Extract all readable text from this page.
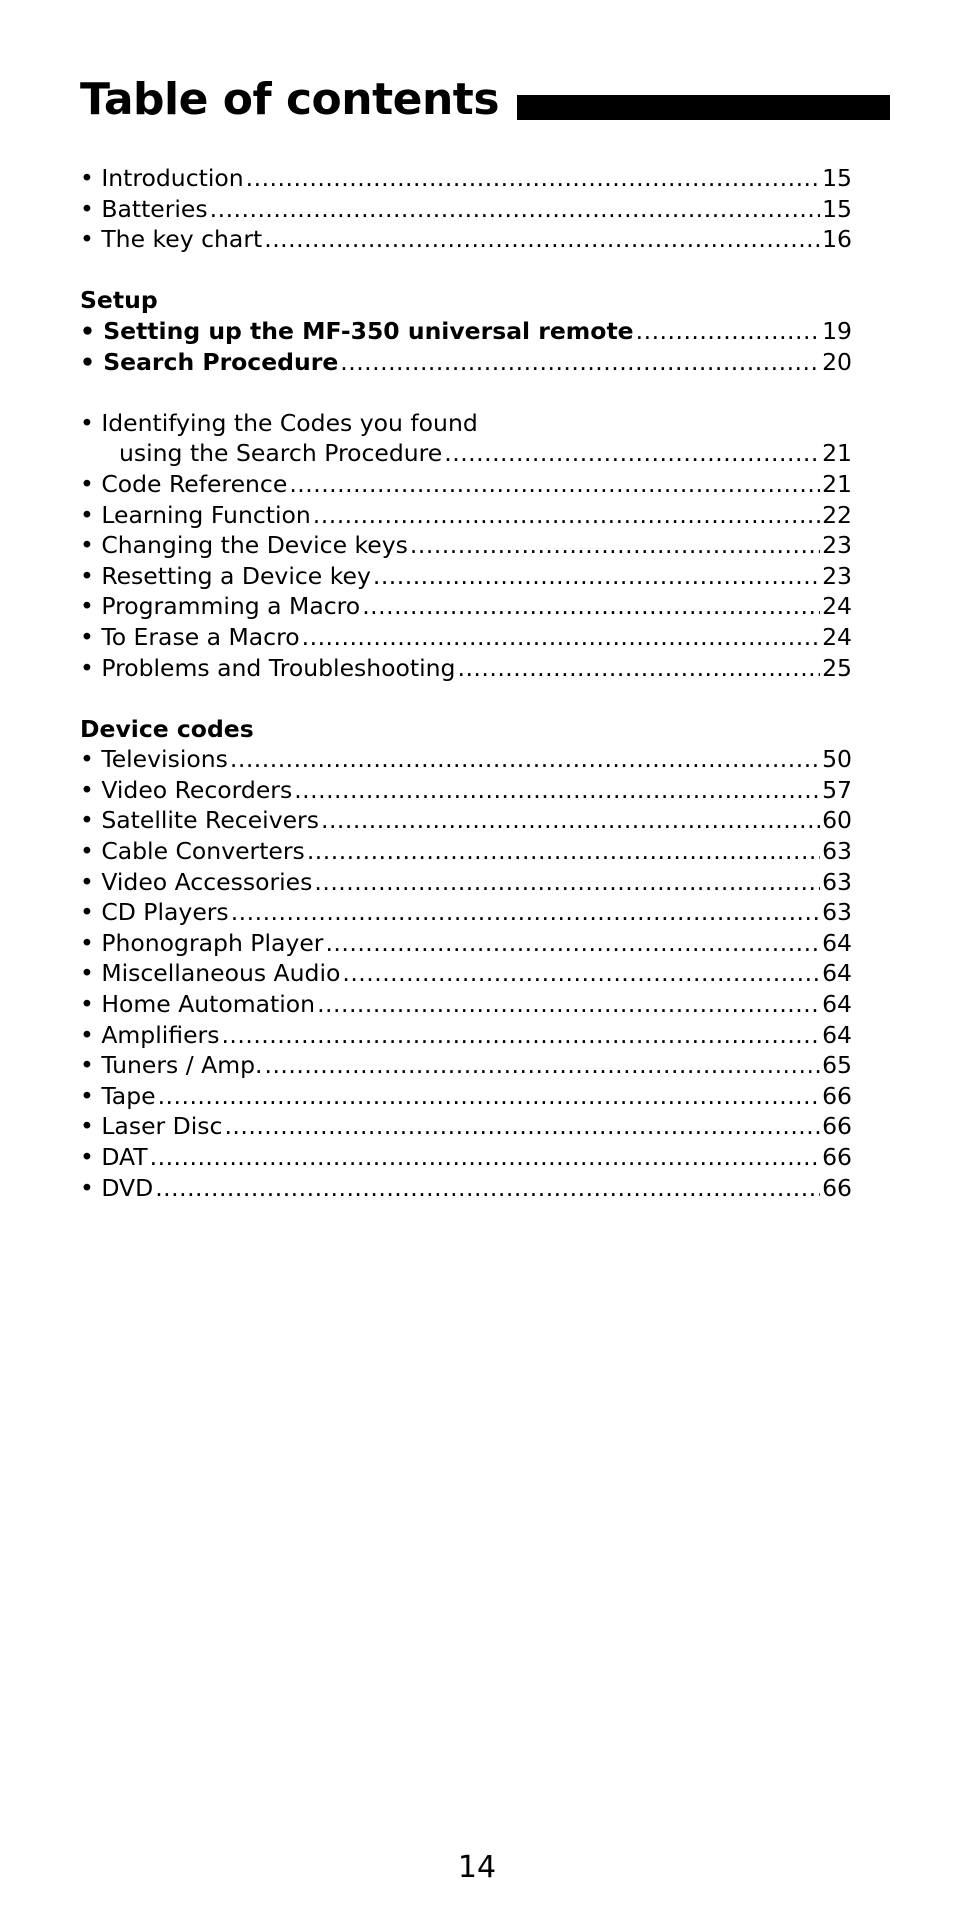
Table of contents
• Introduction .....	15
• Batteries .....	15
• The key chart .....	16
Setup
• Setting up the MF-350 universal remote .....	19
• Search Procedure .....	20
• Identifying the Codes you found
using the Search Procedure .....	21
• Code Reference .....	21
• Learning Function .....	22
• Changing the Device keys .....	23
• Resetting a Device key .....	23
• Programming a Macro .....	24
• To Erase a Macro .....	24
• Problems and Troubleshooting .....	25
Device codes
• Televisions .....	50
• Video Recorders .....	57
• Satellite Receivers .....	60
• Cable Converters .....	63
• Video Accessories .....	63
• CD Players .....	63
• Phonograph Player .....	64
• Miscellaneous Audio .....	64
• Home Automation .....	64
• Amplifiers .....	64
• Tuners / Amp. .....	65
• Tape .....	66
• Laser Disc .....	66
• DAT .....	66
• DVD .....	66
14
